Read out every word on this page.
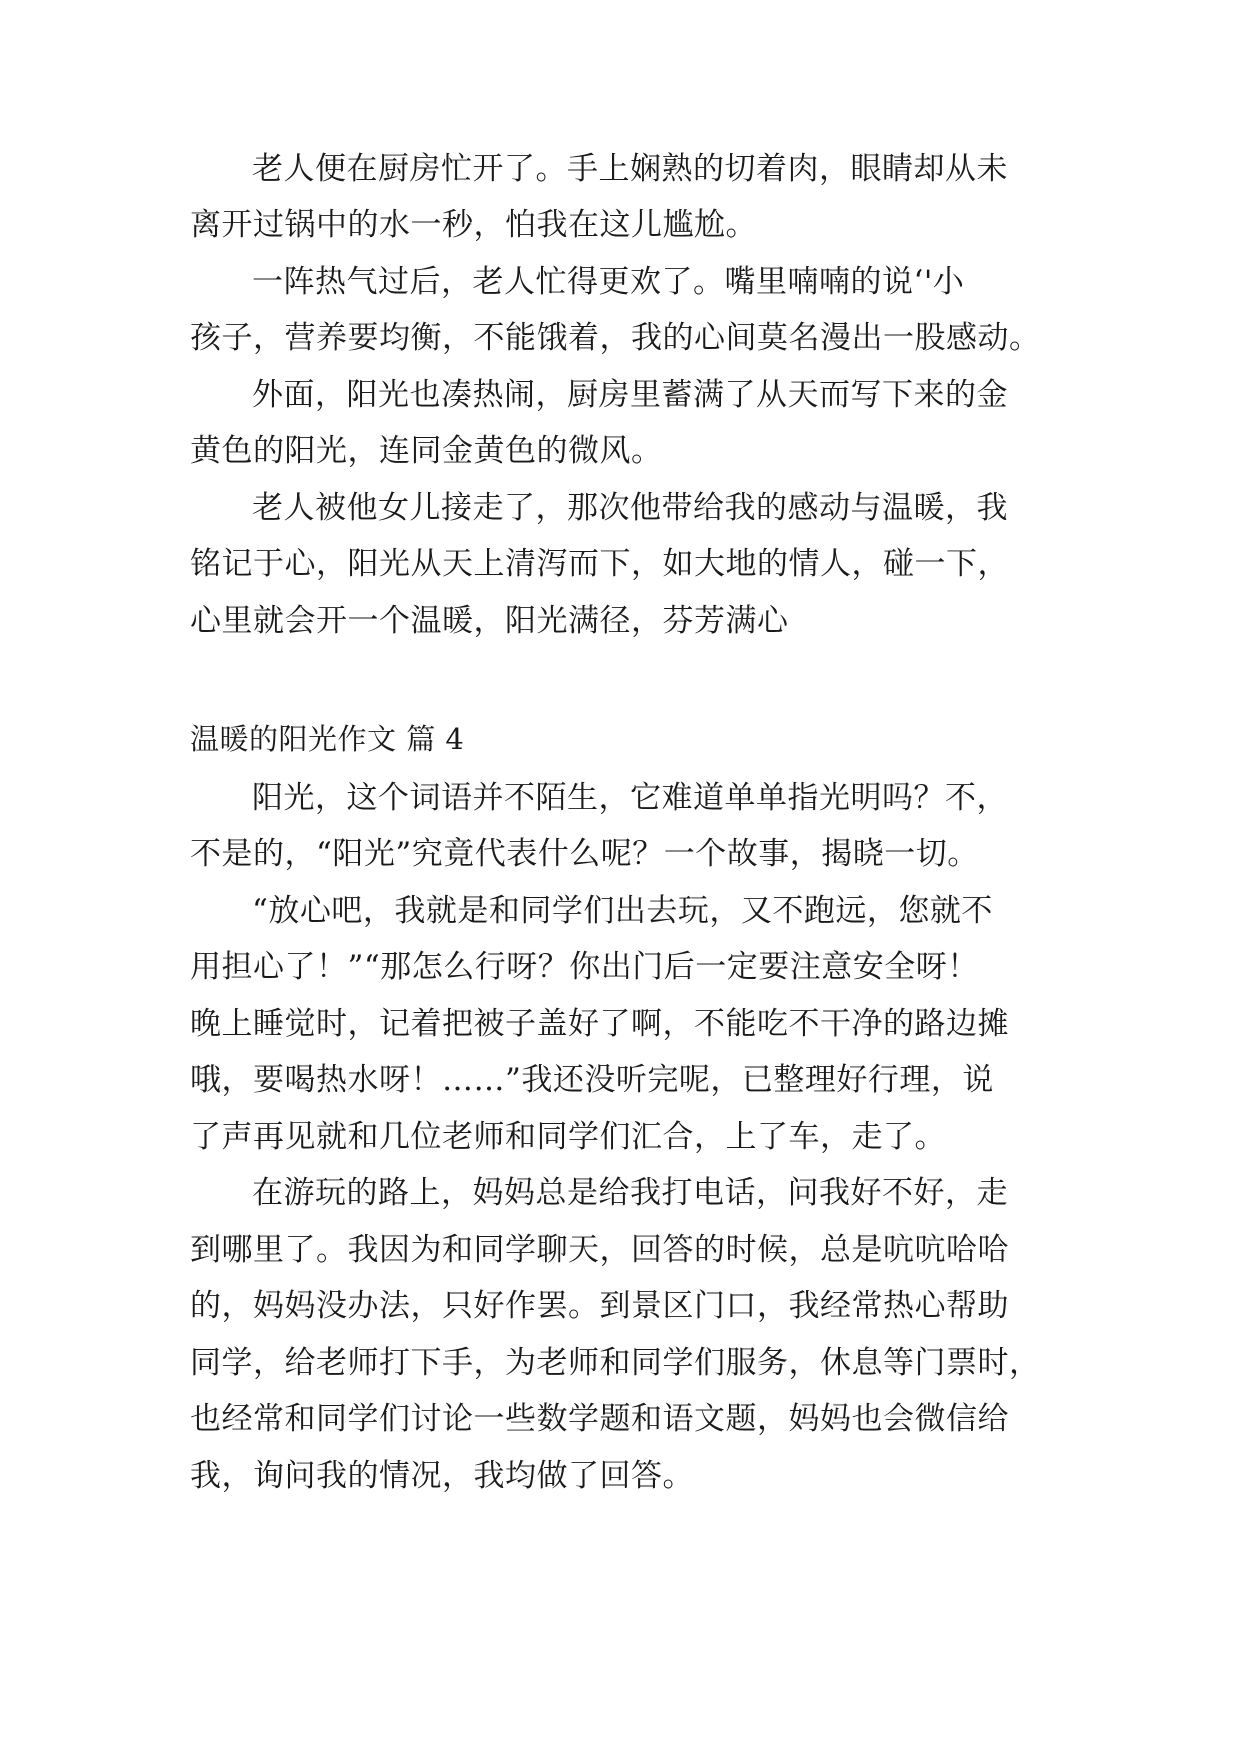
老人便在厨房忙开了。手上娴熟的切着肉，眼睛却从未
离开过锅中的水一秒，怕我在这儿尴尬。
一阵热气过后，老人忙得更欢了。嘴里喃喃的说‘'小
孩子，营养要均衡，不能饿着，我的心间莫名漫出一股感动。
外面，阳光也凑热闹，厨房里蓄满了从天而写下来的金
黄色的阳光，连同金黄色的微风。
老人被他女儿接走了，那次他带给我的感动与温暖，我
铭记于心，阳光从天上清泻而下，如大地的情人，碰一下，
心里就会开一个温暖，阳光满径，芬芳满心
温暖的阳光作文 篇 4
阳光，这个词语并不陌生，它难道单单指光明吗？不，
不是的，“阳光”究竟代表什么呢？一个故事，揭晓一切。
“放心吧，我就是和同学们出去玩，又不跑远，您就不
用担心了！”“那怎么行呀？你出门后一定要注意安全呀！
晚上睡觉时，记着把被子盖好了啊，不能吃不干净的路边摊
哦，要喝热水呀！……”我还没听完呢，已整理好行理，说
了声再见就和几位老师和同学们汇合，上了车，走了。
在游玩的路上，妈妈总是给我打电话，问我好不好，走
到哪里了。我因为和同学聊天，回答的时候，总是吭吭哈哈
的，妈妈没办法，只好作罢。到景区门口，我经常热心帮助
同学，给老师打下手，为老师和同学们服务，休息等门票时，
也经常和同学们讨论一些数学题和语文题，妈妈也会微信给
我，询问我的情况，我均做了回答。
